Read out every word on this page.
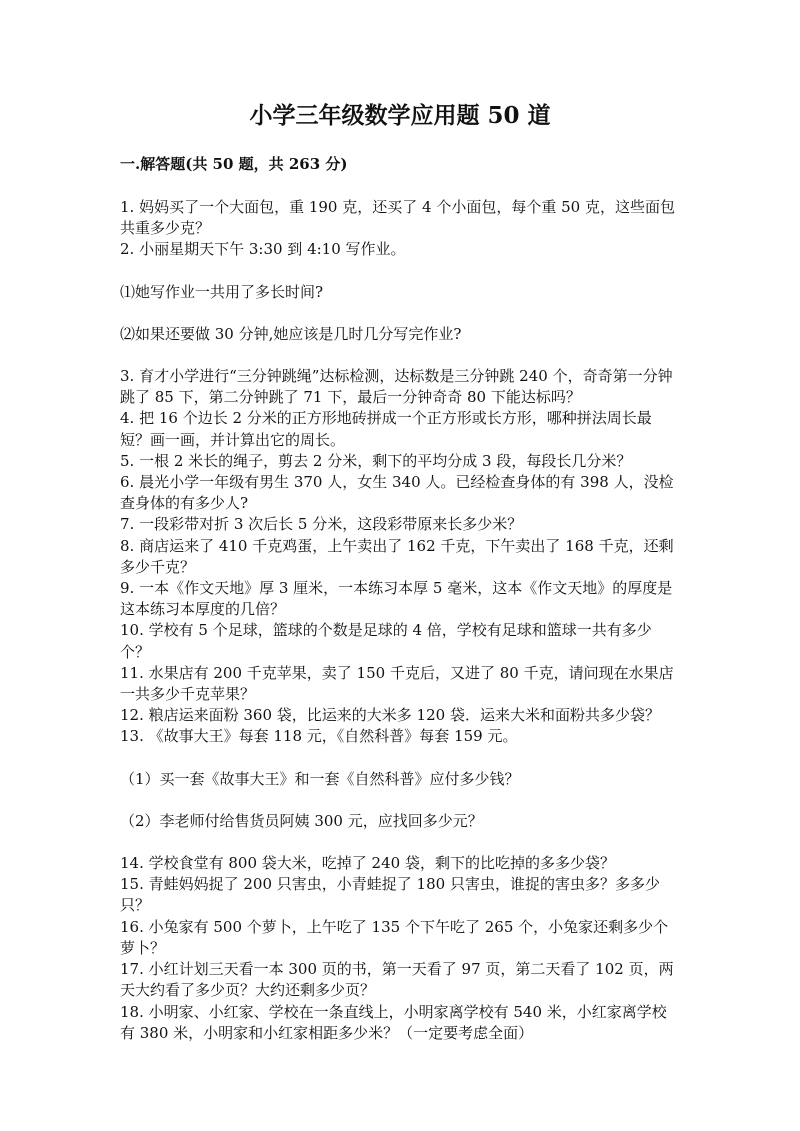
小学三年级数学应用题 50 道
一.解答题(共 50 题，共 263 分)

1. 妈妈买了一个大面包，重 190 克，还买了 4 个小面包，每个重 50 克，这些面包共重多少克？

2. 小丽星期天下午 3:30 到 4:10 写作业。

⑴她写作业一共用了多长时间?

⑵如果还要做 30 分钟,她应该是几时几分写完作业?

3. 育才小学进行“三分钟跳绳”达标检测，达标数是三分钟跳 240 个，奇奇第一分钟跳了 85 下，第二分钟跳了 71 下，最后一分钟奇奇 80 下能达标吗？

4. 把 16 个边长 2 分米的正方形地砖拼成一个正方形或长方形，哪种拼法周长最短？画一画，并计算出它的周长。

5. 一根 2 米长的绳子，剪去 2 分米，剩下的平均分成 3 段，每段长几分米？

6. 晨光小学一年级有男生 370 人，女生 340 人。已经检查身体的有 398 人，没检查身体的有多少人?

7. 一段彩带对折 3 次后长 5 分米，这段彩带原来长多少米？

8. 商店运来了 410 千克鸡蛋，上午卖出了 162 千克，下午卖出了 168 千克，还剩多少千克？

9. 一本《作文天地》厚 3 厘米，一本练习本厚 5 毫米，这本《作文天地》的厚度是这本练习本厚度的几倍？

10. 学校有 5 个足球，篮球的个数是足球的 4 倍，学校有足球和篮球一共有多少个？

11. 水果店有 200 千克苹果，卖了 150 千克后，又进了 80 千克，请问现在水果店一共多少千克苹果？

12. 粮店运来面粉 360 袋，比运来的大米多 120 袋．运来大米和面粉共多少袋？

13. 《故事大王》每套 118 元，《自然科普》每套 159 元。

（1）买一套《故事大王》和一套《自然科普》应付多少钱？

（2）李老师付给售货员阿姨 300 元，应找回多少元？

14. 学校食堂有 800 袋大米，吃掉了 240 袋，剩下的比吃掉的多多少袋？

15. 青蛙妈妈捉了 200 只害虫，小青蛙捉了 180 只害虫，谁捉的害虫多？多多少只？

16. 小兔家有 500 个萝卜，上午吃了 135 个下午吃了 265 个，小兔家还剩多少个萝卜？

17. 小红计划三天看一本 300 页的书，第一天看了 97 页，第二天看了 102 页，两天大约看了多少页？大约还剩多少页？

18. 小明家、小红家、学校在一条直线上，小明家离学校有 540 米，小红家离学校有 380 米，小明家和小红家相距多少米？（一定要考虑全面）
